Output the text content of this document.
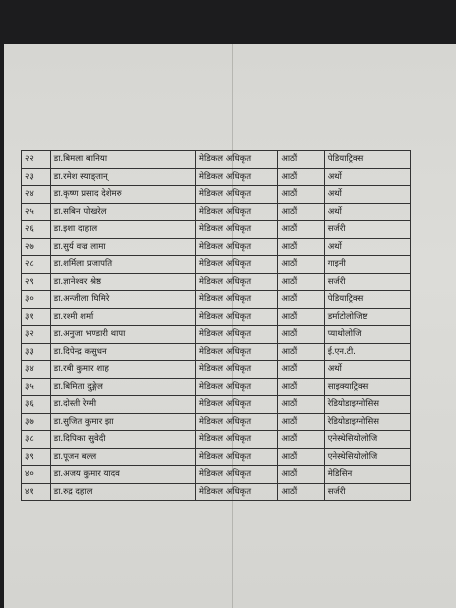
२२	डा.बिमला बानिया	मेडिकल अधिकृत	आठौं	पेडियाट्रिक्स
२३	डा.रमेश स्याङ्तान्	मेडिकल अधिकृत	आठौं	अर्थो
२४	डा.कृष्ण प्रसाद देशेमरु	मेडिकल अधिकृत	आठौं	अर्थो
२५	डा.सबिन पोखरेल	मेडिकल अधिकृत	आठौं	अर्थो
२६	डा.इशा दाहाल	मेडिकल अधिकृत	आठौं	सर्जरी
२७	डा.सुर्य वज्र लामा	मेडिकल अधिकृत	आठौं	अर्थो
२८	डा.शर्मिला प्रजापति	मेडिकल अधिकृत	आठौं	गाइनी
२९	डा.ज्ञानेश्वर श्रेष्ठ	मेडिकल अधिकृत	आठौं	सर्जरी
३०	डा.अन्जीला घिमिरे	मेडिकल अधिकृत	आठौं	पेडियाट्रिक्स
३१	डा.रश्मी शर्मा	मेडिकल अधिकृत	आठौं	डर्माटोलोजिष्ट
३२	डा.अनुजा भण्डारी थापा	मेडिकल अधिकृत	आठौं	प्याथोलोजि
३३	डा.दिपेन्द्र कसुधन	मेडिकल अधिकृत	आठौं	ई.एन.टी.
३४	डा.रबी कुमार शाह	मेडिकल अधिकृत	आठौं	अर्थो
३५	डा.बिमिता दुङ्गेल	मेडिकल अधिकृत	आठौं	साइक्याट्रिक्स
३६	डा.दोस्ती रेग्मी	मेडिकल अधिकृत	आठौं	रेडियोडाइग्नोसिस
३७	डा.सुजित कुमार झा	मेडिकल अधिकृत	आठौं	रेडियोडाइग्नोसिस
३८	डा.दिपिका सुवेदी	मेडिकल अधिकृत	आठौं	एनेस्थेसियोलोजि
३९	डा.पूजन बल्ल	मेडिकल अधिकृत	आठौं	एनेस्थेसियोलोजि
४०	डा.अजय कुमार यादव	मेडिकल अधिकृत	आठौं	मेडिसिन
४१	डा.रुद्र दहाल	मेडिकल अधिकृत	आठौं	सर्जरी
